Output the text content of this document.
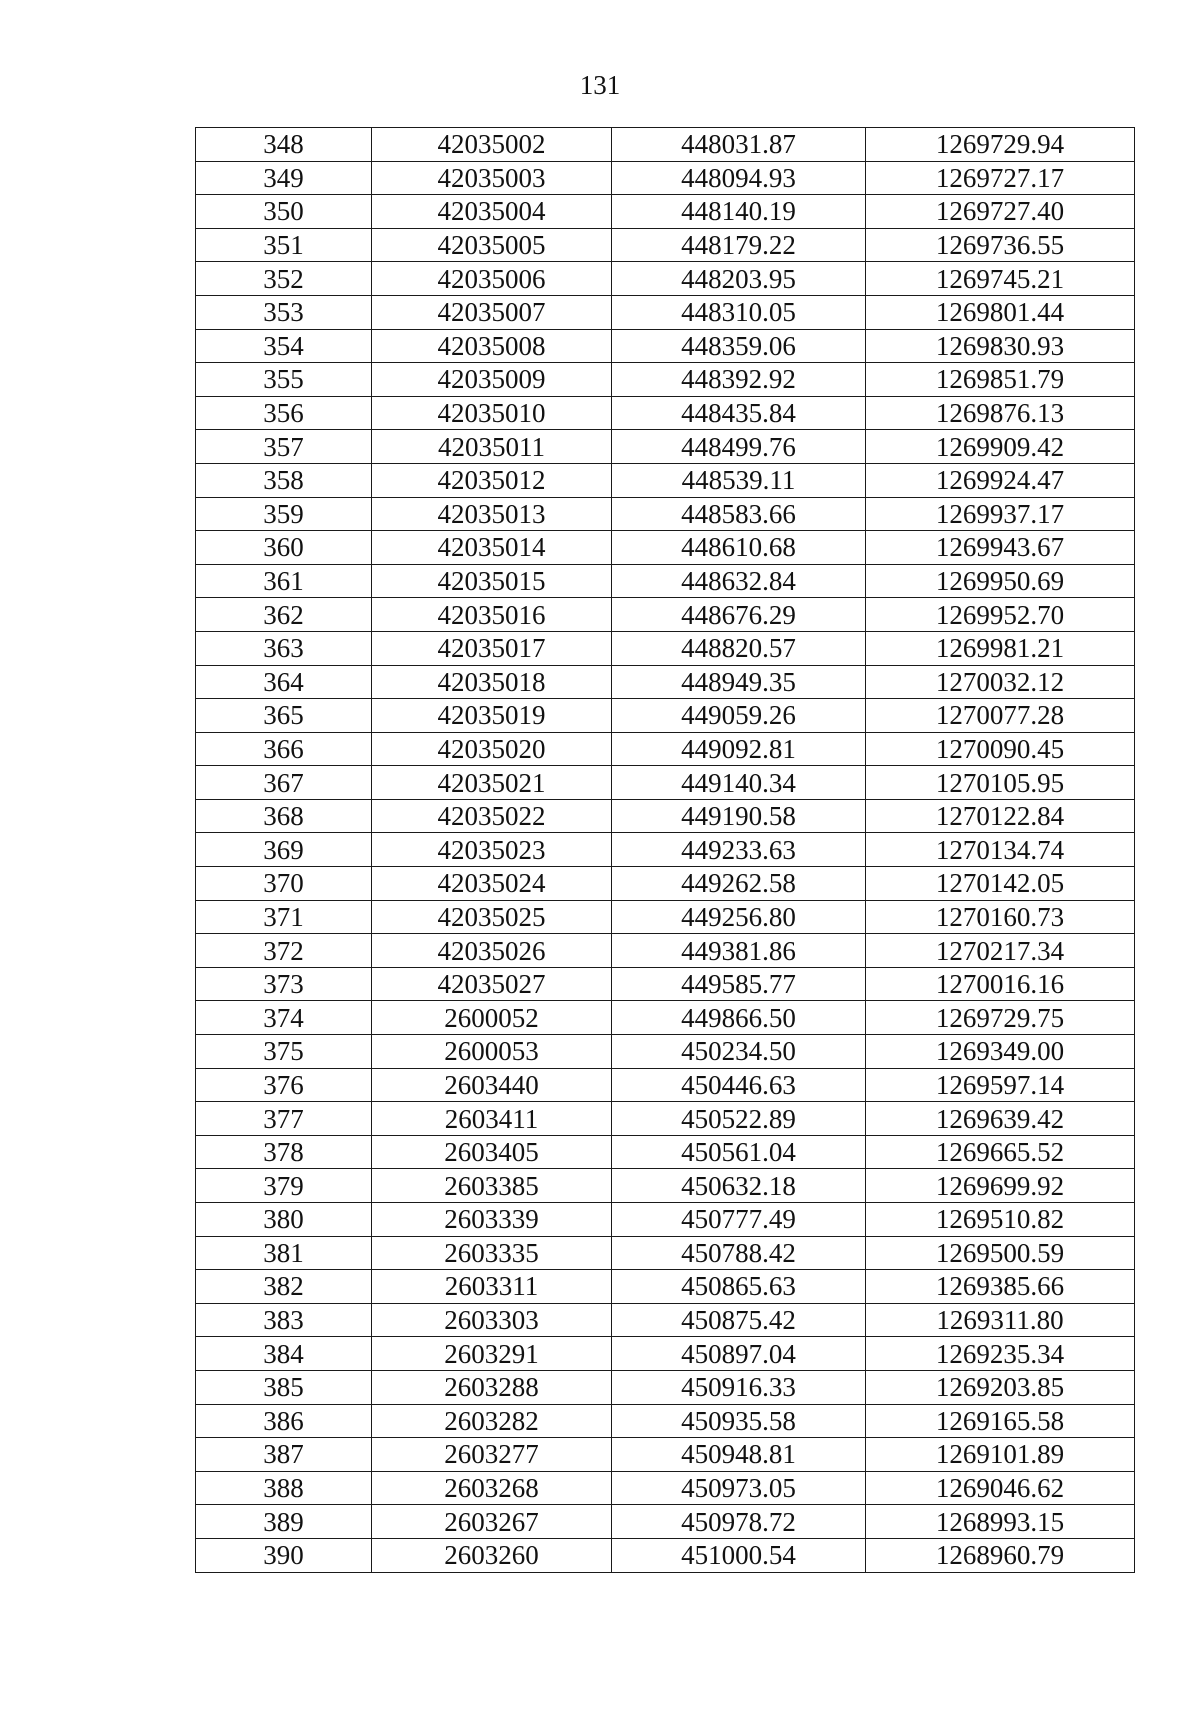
131
348	42035002	448031.87	1269729.94
349	42035003	448094.93	1269727.17
350	42035004	448140.19	1269727.40
351	42035005	448179.22	1269736.55
352	42035006	448203.95	1269745.21
353	42035007	448310.05	1269801.44
354	42035008	448359.06	1269830.93
355	42035009	448392.92	1269851.79
356	42035010	448435.84	1269876.13
357	42035011	448499.76	1269909.42
358	42035012	448539.11	1269924.47
359	42035013	448583.66	1269937.17
360	42035014	448610.68	1269943.67
361	42035015	448632.84	1269950.69
362	42035016	448676.29	1269952.70
363	42035017	448820.57	1269981.21
364	42035018	448949.35	1270032.12
365	42035019	449059.26	1270077.28
366	42035020	449092.81	1270090.45
367	42035021	449140.34	1270105.95
368	42035022	449190.58	1270122.84
369	42035023	449233.63	1270134.74
370	42035024	449262.58	1270142.05
371	42035025	449256.80	1270160.73
372	42035026	449381.86	1270217.34
373	42035027	449585.77	1270016.16
374	2600052	449866.50	1269729.75
375	2600053	450234.50	1269349.00
376	2603440	450446.63	1269597.14
377	2603411	450522.89	1269639.42
378	2603405	450561.04	1269665.52
379	2603385	450632.18	1269699.92
380	2603339	450777.49	1269510.82
381	2603335	450788.42	1269500.59
382	2603311	450865.63	1269385.66
383	2603303	450875.42	1269311.80
384	2603291	450897.04	1269235.34
385	2603288	450916.33	1269203.85
386	2603282	450935.58	1269165.58
387	2603277	450948.81	1269101.89
388	2603268	450973.05	1269046.62
389	2603267	450978.72	1268993.15
390	2603260	451000.54	1268960.79
